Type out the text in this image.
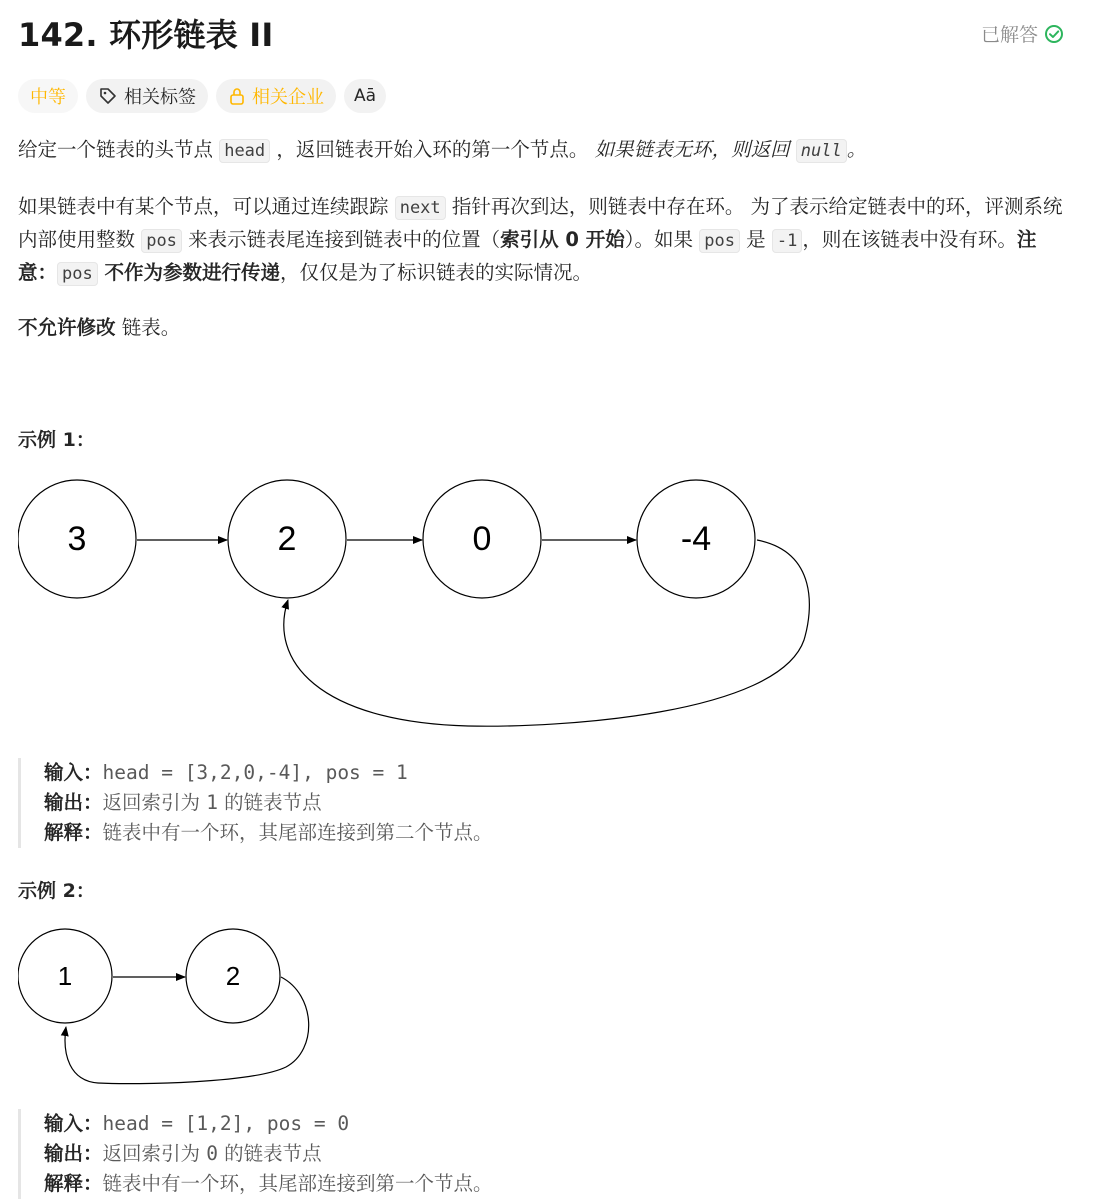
142. 环形链表 II	已解答
中等	相关标签	相关企业 Aā

给定一个链表的头节点 head ，返回链表开始入环的第一个节点。 如果链表无环，则返回 null 。

如果链表中有某个节点，可以通过连续跟踪 next 指针再次到达，则链表中存在环。 为了表示给定链表中的环，评测系统内部使用整数 pos 来表示链表尾连接到链表中的位置（索引从 0 开始）。如果 pos 是 -1 ，则在该链表中没有环。注意： pos 不作为参数进行传递，仅仅是为了标识链表的实际情况。

不允许修改 链表。

示例 1：
3	2	0	-4
输入：head = [3,2,0,-4], pos = 1
输出：返回索引为 1 的链表节点
解释：链表中有一个环，其尾部连接到第二个节点。
示例 2：
1	2
输入：head = [1,2], pos = 0
输出：返回索引为 0 的链表节点
解释：链表中有一个环，其尾部连接到第一个节点。
